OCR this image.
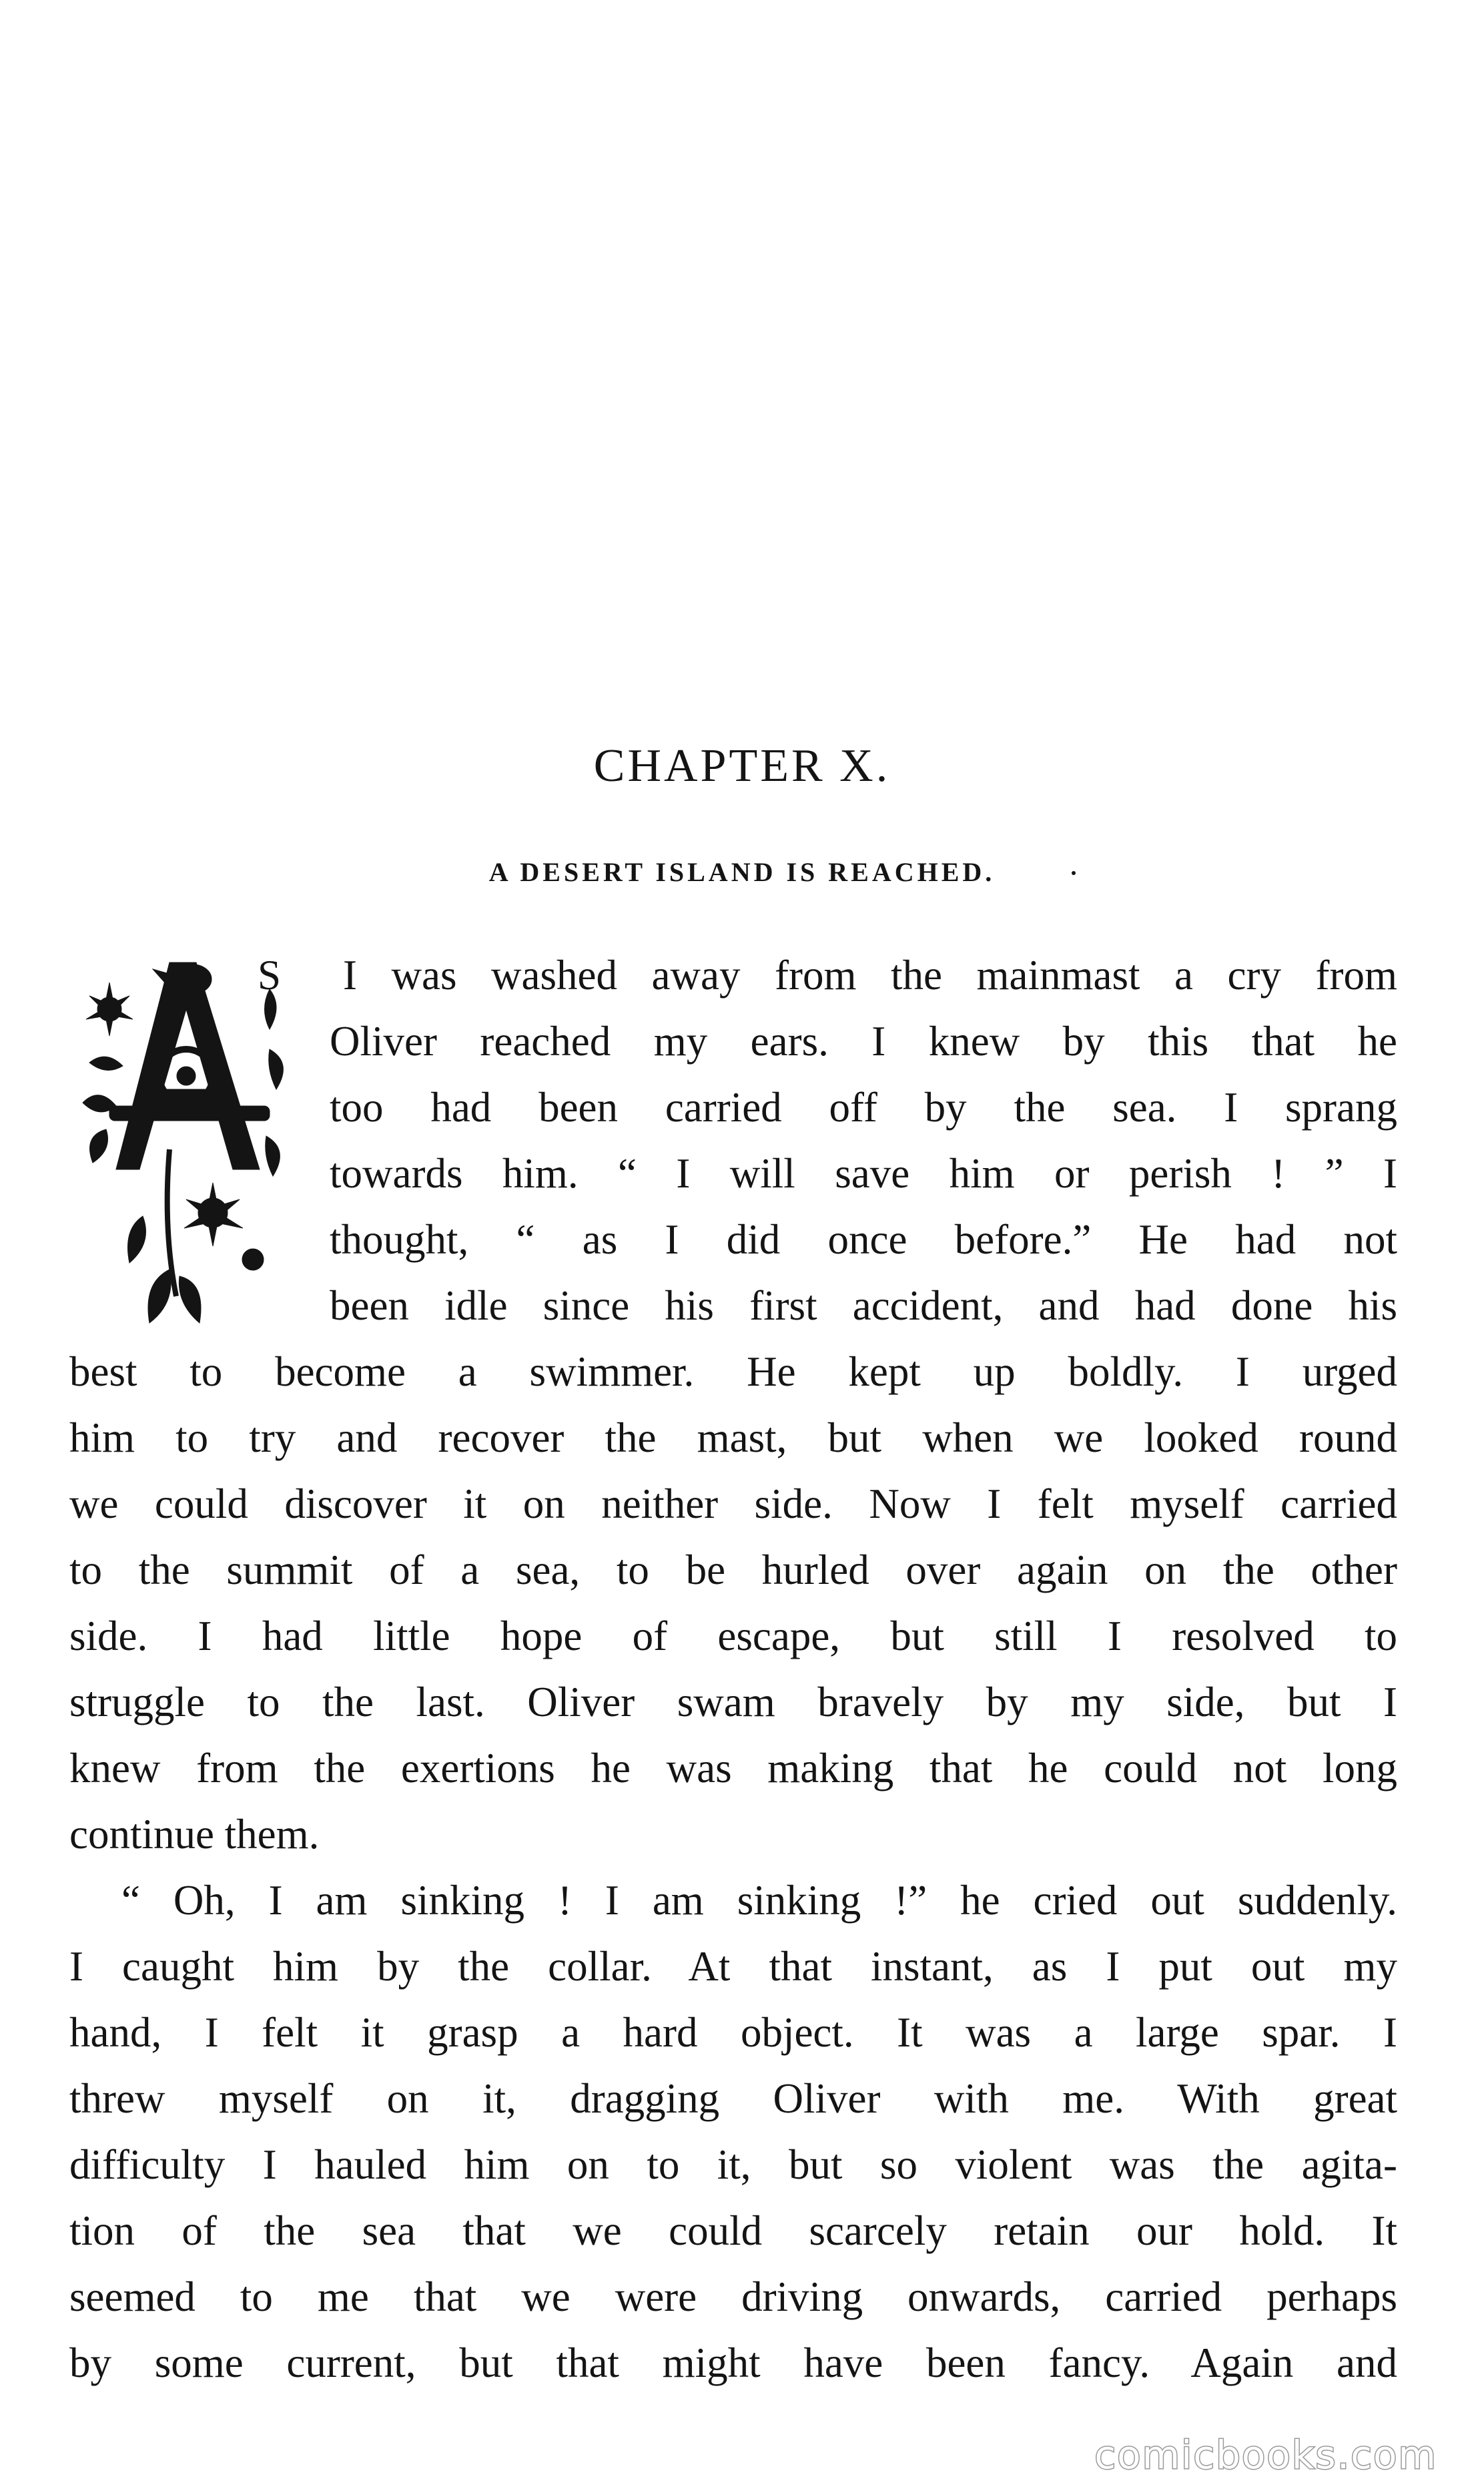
CHAPTER X.
A DESERT ISLAND IS REACHED.
S I was washed away from the mainmast a cry from
Oliver reached my ears. I knew by this that he
too had been carried off by the sea. I sprang
towards him. “ I will save him or perish ! ” I
thought, “ as I did once before.” He had not
been idle since his first accident, and had done his
best to become a swimmer. He kept up boldly. I urged
him to try and recover the mast, but when we looked round
we could discover it on neither side. Now I felt myself carried
to the summit of a sea, to be hurled over again on the other
side. I had little hope of escape, but still I resolved to
struggle to the last. Oliver swam bravely by my side, but I
knew from the exertions he was making that he could not long
continue them.
“ Oh, I am sinking ! I am sinking !” he cried out suddenly.
I caught him by the collar. At that instant, as I put out my
hand, I felt it grasp a hard object. It was a large spar. I
threw myself on it, dragging Oliver with me. With great
difficulty I hauled him on to it, but so violent was the agita-
tion of the sea that we could scarcely retain our hold. It
seemed to me that we were driving onwards, carried perhaps
by some current, but that might have been fancy. Again and
comicbooks.com
